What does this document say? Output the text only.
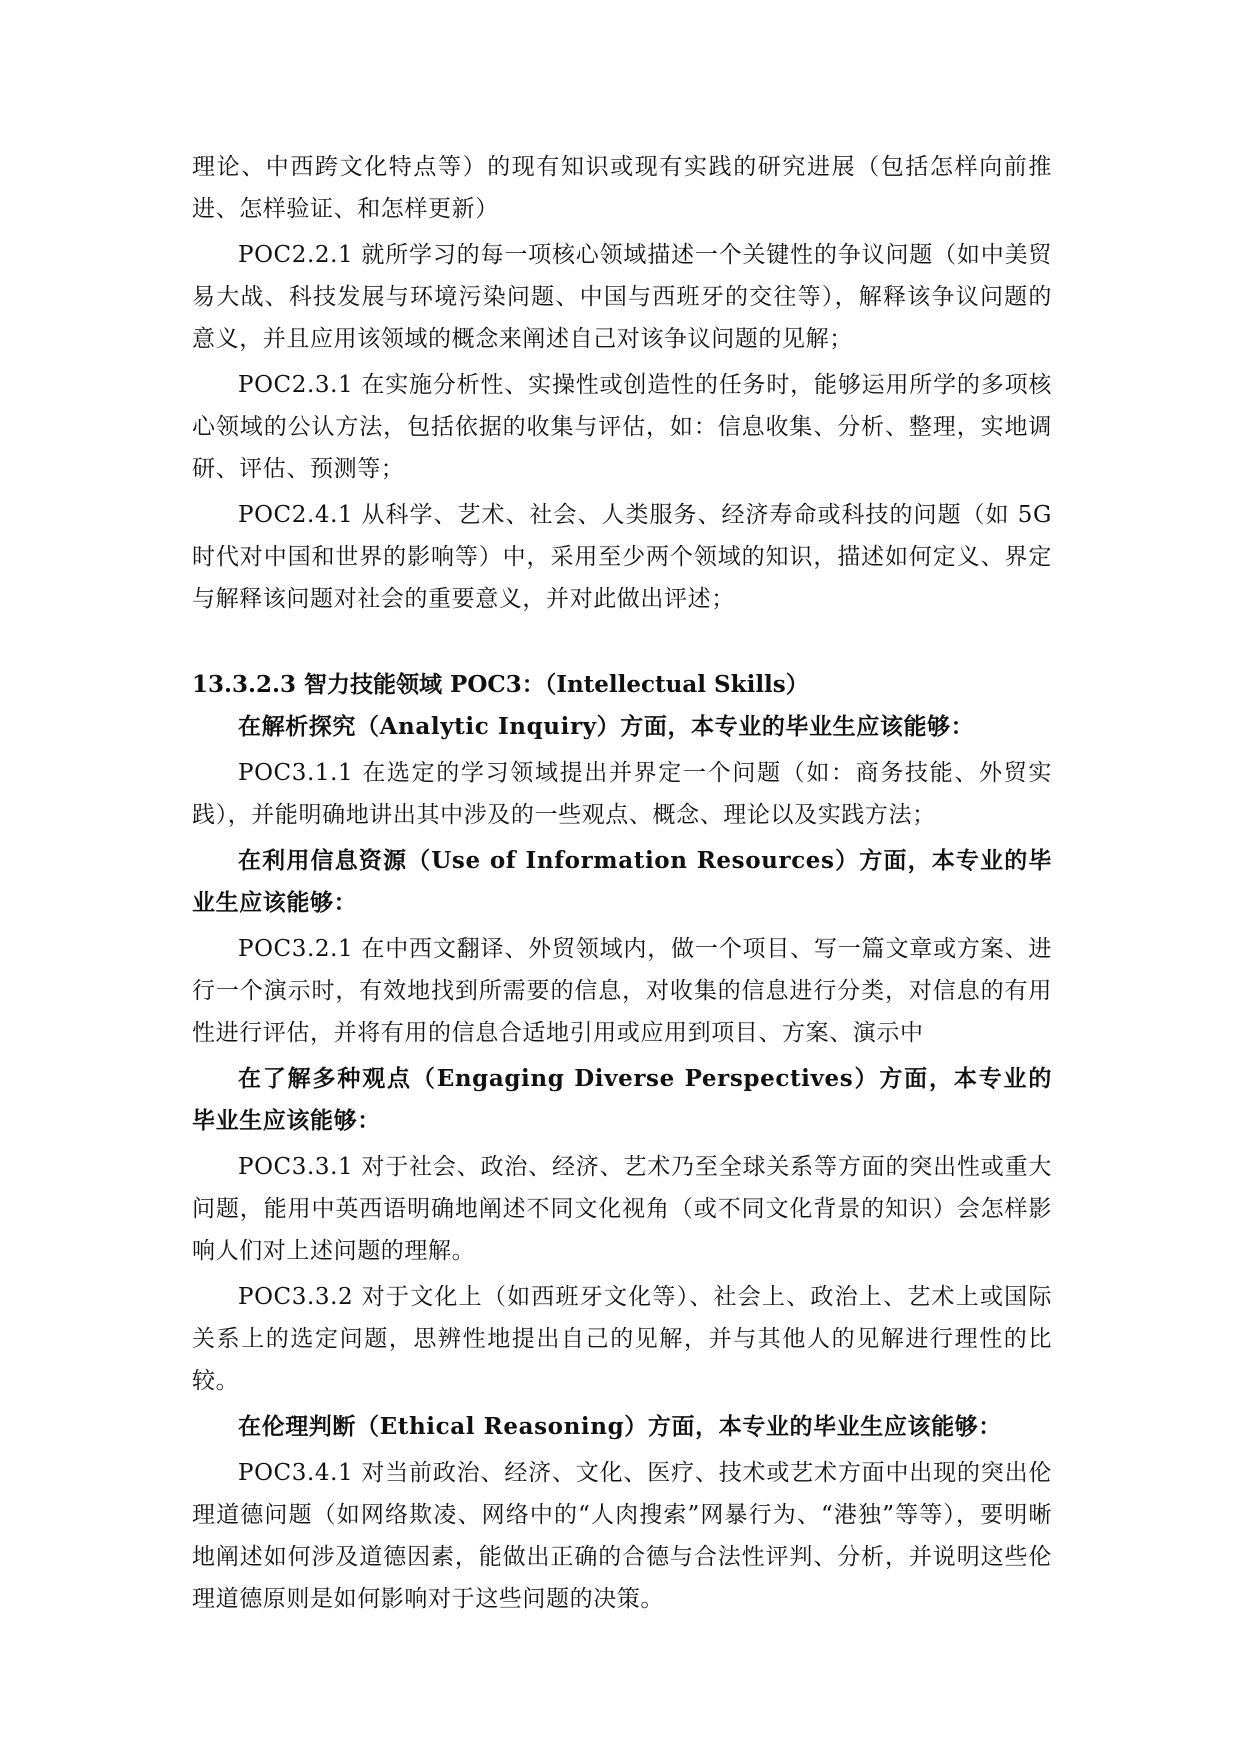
理论、中西跨文化特点等）的现有知识或现有实践的研究进展（包括怎样向前推进、怎样验证、和怎样更新）

POC2.2.1 就所学习的每一项核心领域描述一个关键性的争议问题（如中美贸易大战、科技发展与环境污染问题、中国与西班牙的交往等），解释该争议问题的意义，并且应用该领域的概念来阐述自己对该争议问题的见解；

POC2.3.1 在实施分析性、实操性或创造性的任务时，能够运用所学的多项核心领域的公认方法，包括依据的收集与评估，如：信息收集、分析、整理，实地调研、评估、预测等；

POC2.4.1 从科学、艺术、社会、人类服务、经济寿命或科技的问题（如 5G 时代对中国和世界的影响等）中，采用至少两个领域的知识，描述如何定义、界定与解释该问题对社会的重要意义，并对此做出评述；

13.3.2.3 智力技能领域 POC3：（Intellectual Skills）

在解析探究（Analytic Inquiry）方面，本专业的毕业生应该能够：

POC3.1.1 在选定的学习领域提出并界定一个问题（如：商务技能、外贸实践），并能明确地讲出其中涉及的一些观点、概念、理论以及实践方法；

在利用信息资源（Use of Information Resources）方面，本专业的毕业生应该能够：

POC3.2.1 在中西文翻译、外贸领域内，做一个项目、写一篇文章或方案、进行一个演示时，有效地找到所需要的信息，对收集的信息进行分类，对信息的有用性进行评估，并将有用的信息合适地引用或应用到项目、方案、演示中

在了解多种观点（Engaging Diverse Perspectives）方面，本专业的毕业生应该能够：

POC3.3.1 对于社会、政治、经济、艺术乃至全球关系等方面的突出性或重大问题，能用中英西语明确地阐述不同文化视角（或不同文化背景的知识）会怎样影响人们对上述问题的理解。

POC3.3.2 对于文化上（如西班牙文化等）、社会上、政治上、艺术上或国际关系上的选定问题，思辨性地提出自己的见解，并与其他人的见解进行理性的比较。

在伦理判断（Ethical Reasoning）方面，本专业的毕业生应该能够：

POC3.4.1 对当前政治、经济、文化、医疗、技术或艺术方面中出现的突出伦理道德问题（如网络欺凌、网络中的“人肉搜索”网暴行为、“港独”等等），要明晰地阐述如何涉及道德因素，能做出正确的合德与合法性评判、分析，并说明这些伦理道德原则是如何影响对于这些问题的决策。
